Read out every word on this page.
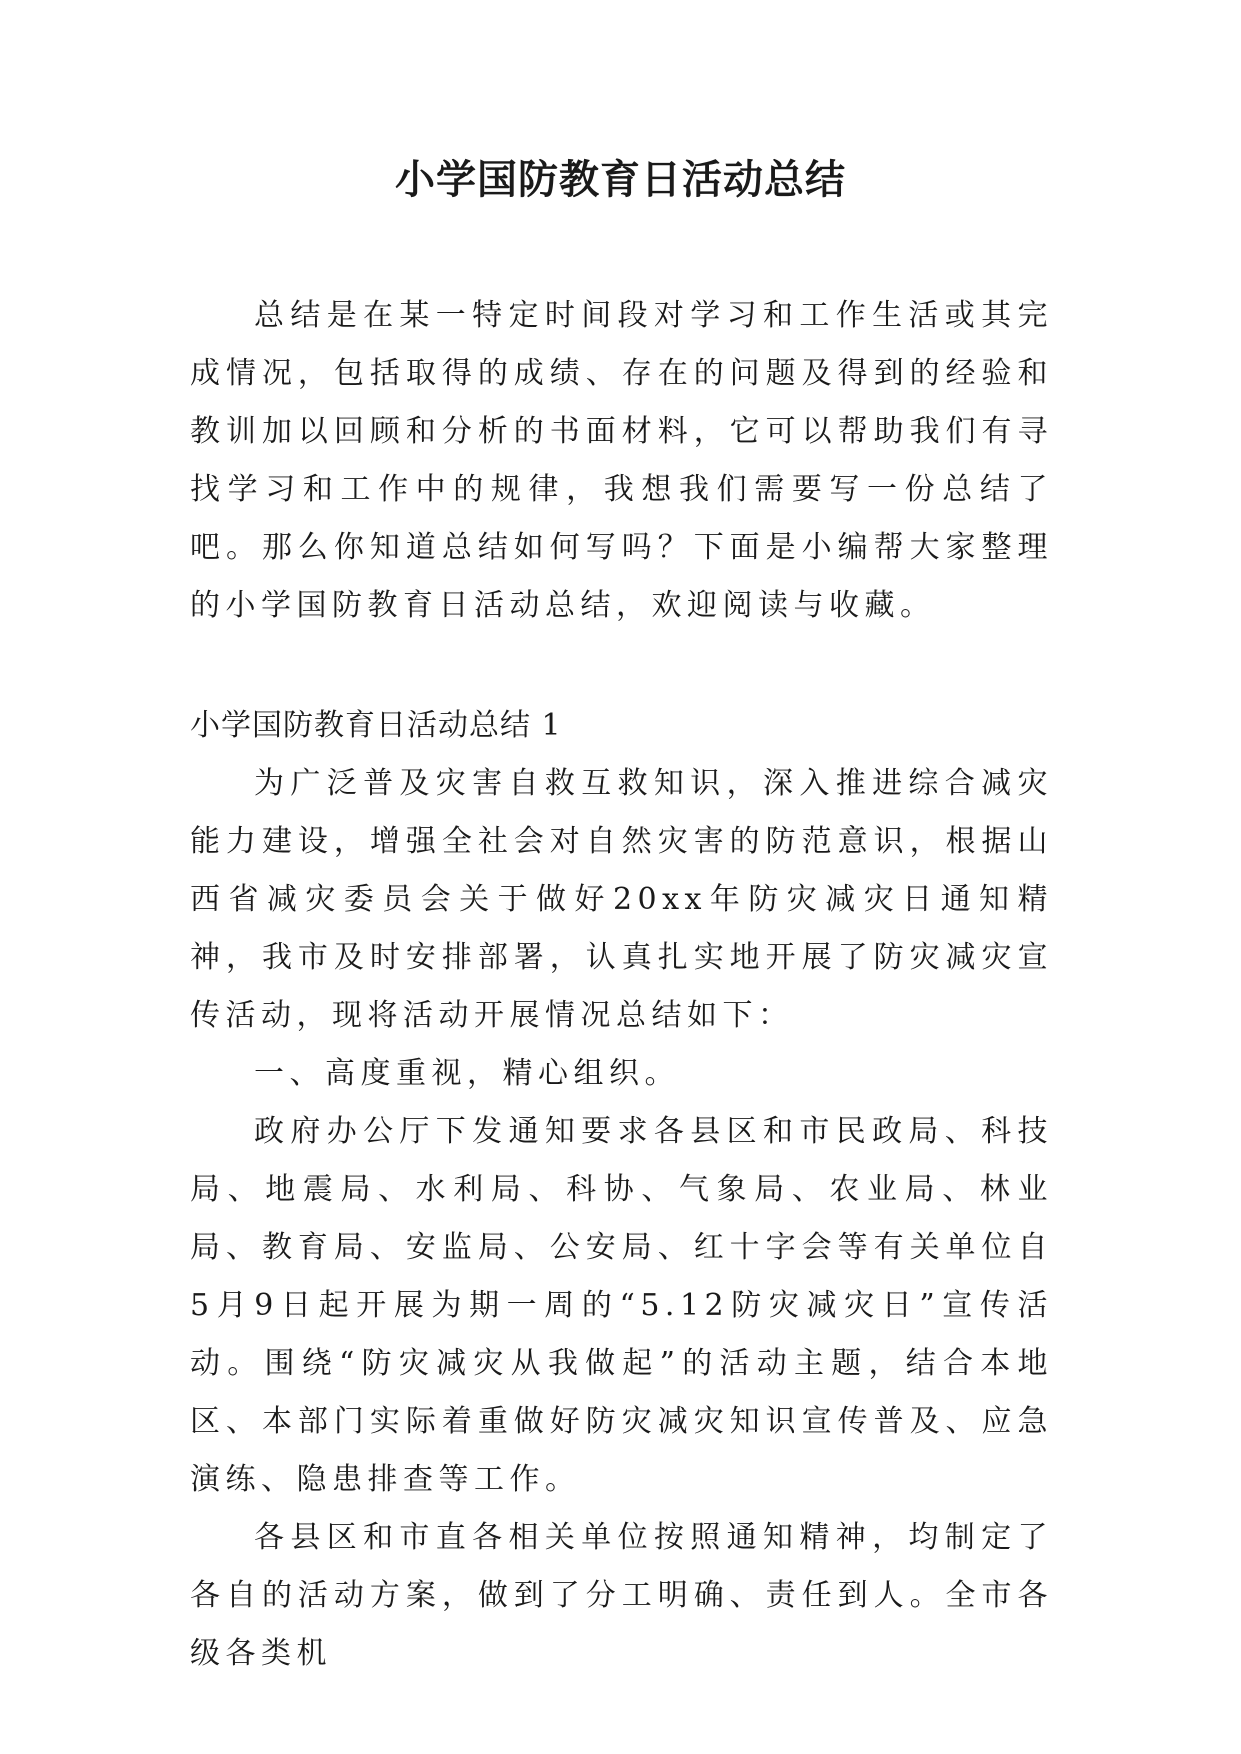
小学国防教育日活动总结

总结是在某一特定时间段对学习和工作生活或其完成情况，包括取得的成绩、存在的问题及得到的经验和教训加以回顾和分析的书面材料，它可以帮助我们有寻找学习和工作中的规律，我想我们需要写一份总结了吧。那么你知道总结如何写吗？下面是小编帮大家整理的小学国防教育日活动总结，欢迎阅读与收藏。

小学国防教育日活动总结 1

为广泛普及灾害自救互救知识，深入推进综合减灾能力建设，增强全社会对自然灾害的防范意识，根据山西省减灾委员会关于做好20xx年防灾减灾日通知精神，我市及时安排部署，认真扎实地开展了防灾减灾宣传活动，现将活动开展情况总结如下：

一、高度重视，精心组织。

政府办公厅下发通知要求各县区和市民政局、科技局、地震局、水利局、科协、气象局、农业局、林业局、教育局、安监局、公安局、红十字会等有关单位自5月9日起开展为期一周的“5.12防灾减灾日”宣传活动。围绕“防灾减灾从我做起”的活动主题，结合本地区、本部门实际着重做好防灾减灾知识宣传普及、应急演练、隐患排查等工作。

各县区和市直各相关单位按照通知精神，均制定了各自的活动方案，做到了分工明确、责任到人。全市各级各类机
